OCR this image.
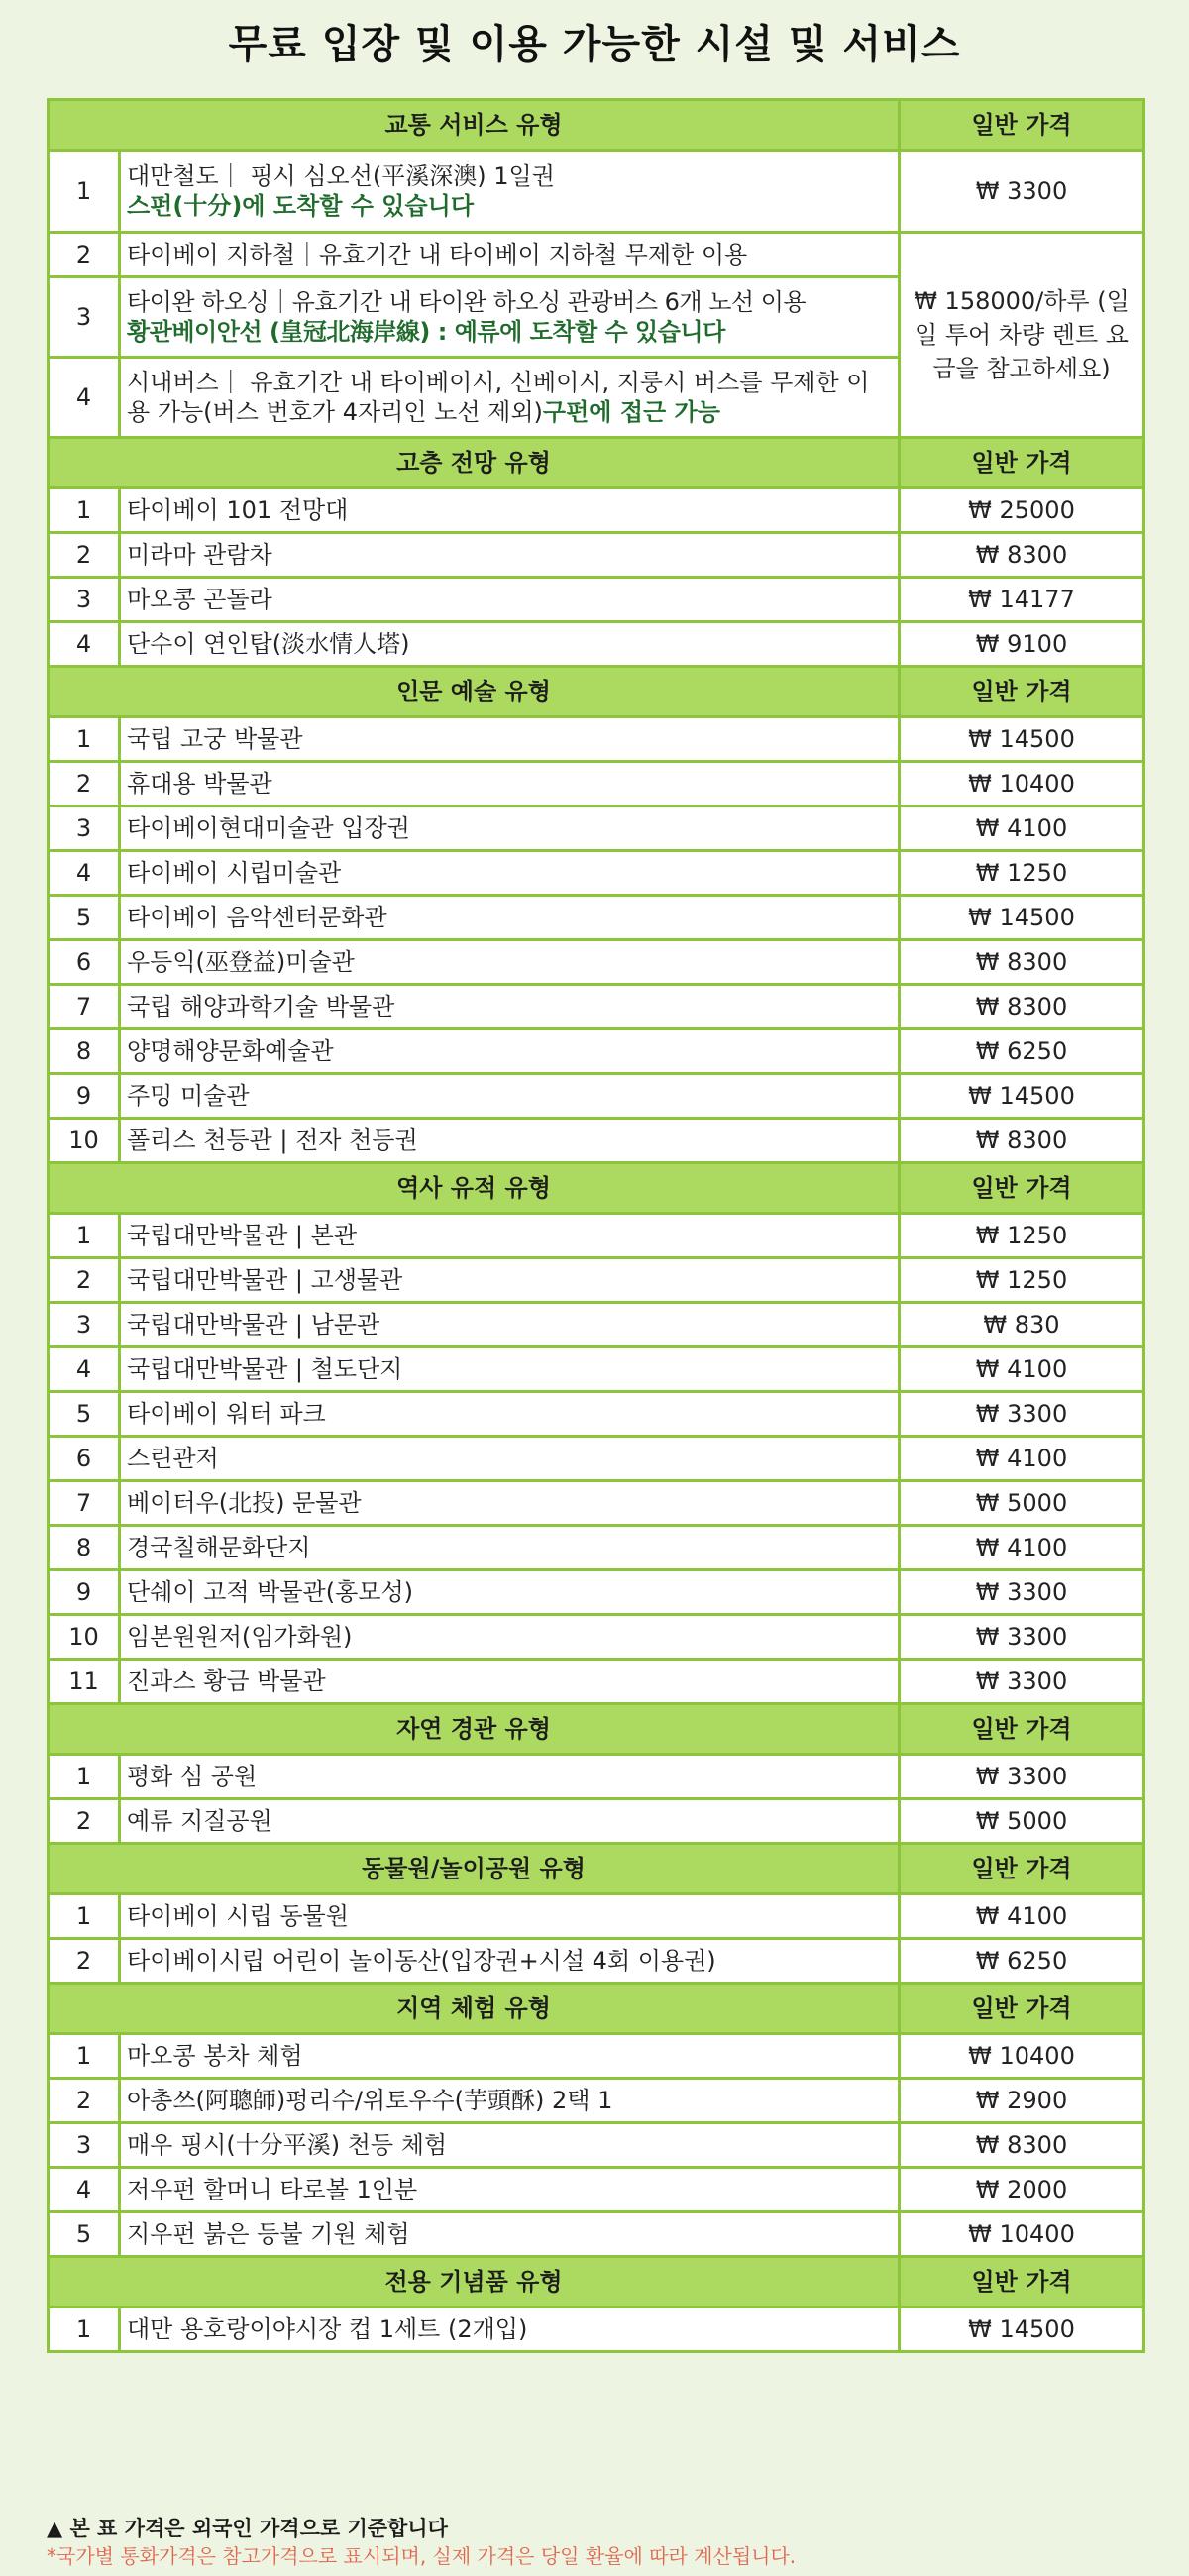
무료 입장 및 이용 가능한 시설 및 서비스
교통 서비스 유형		일반 가격
1	대만철도｜ 핑시 심오선(平溪深澳) 1일권
스펀(十分)에 도착할 수 있습니다	₩ 3300
2	타이베이 지하철｜유효기간 내 타이베이 지하철 무제한 이용	₩ 158000/하루 (일일 투어 차량 렌트 요금을 참고하세요)
3	타이완 하오싱｜유효기간 내 타이완 하오싱 관광버스 6개 노선 이용
황관베이안선 (皇冠北海岸線) : 예류에 도착할 수 있습니다	

4	시내버스｜ 유효기간 내 타이베이시, 신베이시, 지룽시 버스를 무제한 이용 가능(버스 번호가 4자리인 노선 제외)구펀에 접근 가능	
고층 전망 유형		일반 가격
1	타이베이 101 전망대	₩ 25000
2	미라마 관람차	₩ 8300
3	마오콩 곤돌라	₩ 14177
4	단수이 연인탑(淡水情人塔)	₩ 9100
인문 예술 유형		일반 가격
1	국립 고궁 박물관	₩ 14500
2	휴대용 박물관	₩ 10400
3	타이베이현대미술관 입장권	₩ 4100
4	타이베이 시립미술관	₩ 1250
5	타이베이 음악센터문화관	₩ 14500
6	우등익(巫登益)미술관	₩ 8300
7	국립 해양과학기술 박물관	₩ 8300
8	양명해양문화예술관	₩ 6250
9	주밍 미술관	₩ 14500
10	폴리스 천등관 | 전자 천등권	₩ 8300
역사 유적 유형		일반 가격
1	국립대만박물관 | 본관	₩ 1250
2	국립대만박물관 | 고생물관	₩ 1250
3	국립대만박물관 | 남문관	₩ 830
4	국립대만박물관 | 철도단지	₩ 4100
5	타이베이 워터 파크	₩ 3300
6	스린관저	₩ 4100
7	베이터우(北投) 문물관	₩ 5000
8	경국칠해문화단지	₩ 4100
9	단쉐이 고적 박물관(홍모성)	₩ 3300
10	임본원원저(임가화원)	₩ 3300
11	진과스 황금 박물관	₩ 3300
자연 경관 유형		일반 가격
1	평화 섬 공원	₩ 3300
2	예류 지질공원	₩ 5000
동물원/놀이공원 유형		일반 가격
1	타이베이 시립 동물원	₩ 4100
2	타이베이시립 어린이 놀이동산(입장권+시설 4회 이용권)	₩ 6250
지역 체험 유형		일반 가격
1	마오콩 봉차 체험	₩ 10400
2	아총쓰(阿聰師)펑리수/위토우수(芋頭酥) 2택 1	₩ 2900
3	매우 핑시(十分平溪) 천등 체험	₩ 8300
4	저우펀 할머니 타로볼 1인분	₩ 2000
5	지우펀 붉은 등불 기원 체험	₩ 10400
전용 기념품 유형		일반 가격
1	대만 용호랑이야시장 컵 1세트 (2개입)	₩ 14500
▲ 본 표 가격은 외국인 가격으로 기준합니다
*국가별 통화가격은 참고가격으로 표시되며, 실제 가격은 당일 환율에 따라 계산됩니다.
